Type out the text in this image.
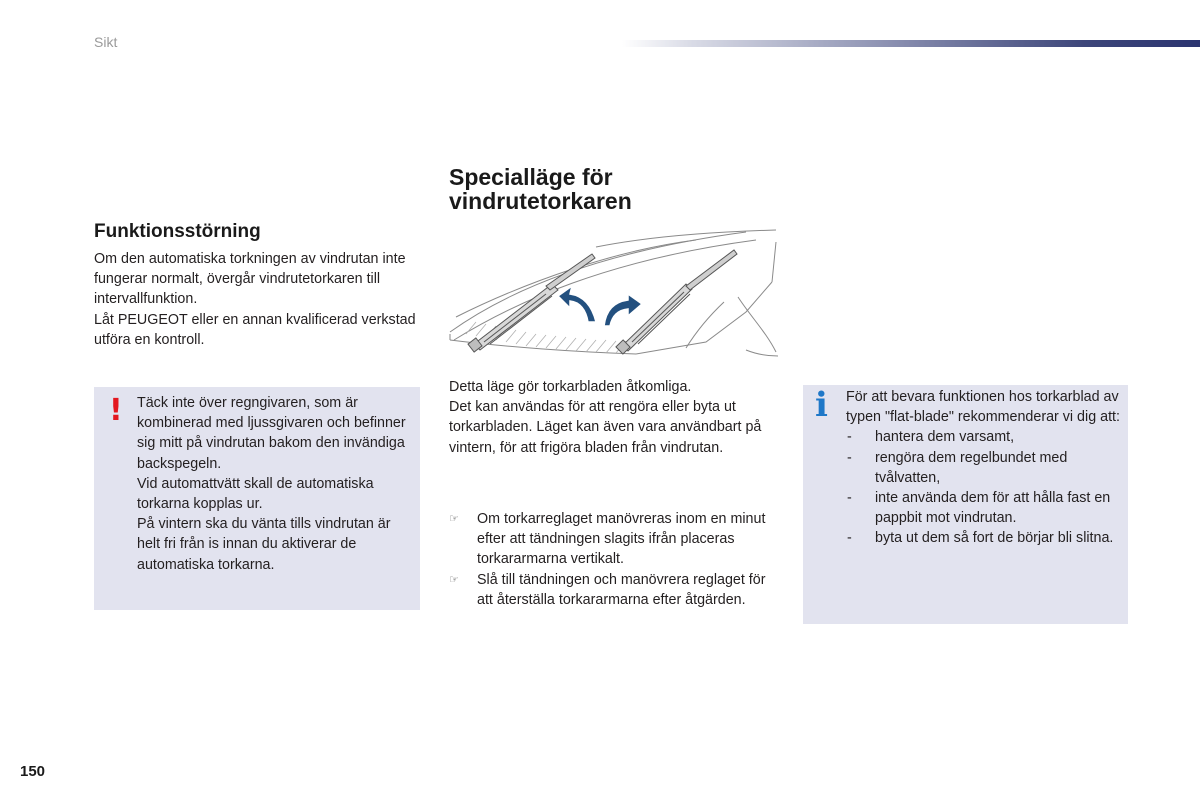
Sikt
Funktionsstörning

Om den automatiska torkningen av vindrutan inte fungerar normalt, övergår vindrutetorkaren till intervallfunktion.

Låt PEUGEOT eller en annan kvalificerad verkstad utföra en kontroll.

! Täck inte över regngivaren, som är kombinerad med ljussgivaren och befinner sig mitt på vindrutan bakom den invändiga backspegeln.

Vid automattvätt skall de automatiska torkarna kopplas ur.

På vintern ska du vänta tills vindrutan är helt fri från is innan du aktiverar de automatiska torkarna.

Specialläge för
vindrutetorkaren

Detta läge gör torkarbladen åtkomliga.

Det kan användas för att rengöra eller byta ut torkarbladen. Läget kan även vara användbart på vintern, för att frigöra bladen från vindrutan.

☞ Om torkarreglaget manövreras inom en minut efter att tändningen slagits ifrån placeras torkararmarna vertikalt.
☞ Slå till tändningen och manövrera reglaget för att återställa torkararmarna efter åtgärden.
i För att bevara funktionen hos torkarblad av typen "flat-blade" rekommenderar vi dig att:

- hantera dem varsamt,
- rengöra dem regelbundet med tvålvatten,
- inte använda dem för att hålla fast en pappbit mot vindrutan.
- byta ut dem så fort de börjar bli slitna.
150
